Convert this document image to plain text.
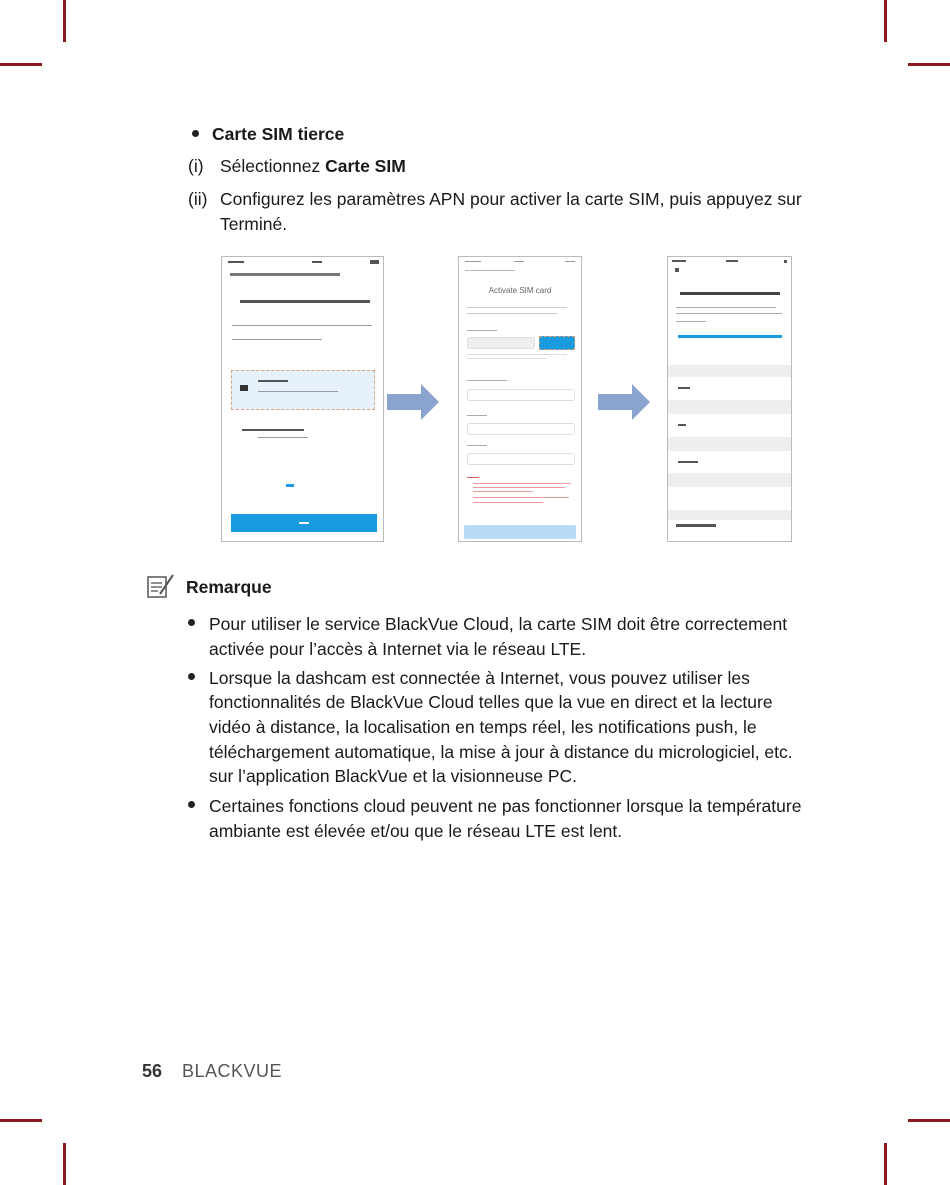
Carte SIM tierce
(i) Sélectionnez Carte SIM
(ii) Configurez les paramètres APN pour activer la carte SIM, puis appuyez sur
Terminé.
Activate SIM card
Remarque
Pour utiliser le service BlackVue Cloud, la carte SIM doit être correctement
activée pour l’accès à Internet via le réseau LTE.
Lorsque la dashcam est connectée à Internet, vous pouvez utiliser les
fonctionnalités de BlackVue Cloud telles que la vue en direct et la lecture
vidéo à distance, la localisation en temps réel, les notifications push, le
téléchargement automatique, la mise à jour à distance du micrologiciel, etc.
sur l’application BlackVue et la visionneuse PC.
Certaines fonctions cloud peuvent ne pas fonctionner lorsque la température
ambiante est élevée et/ou que le réseau LTE est lent.
56 BLACKVUE
